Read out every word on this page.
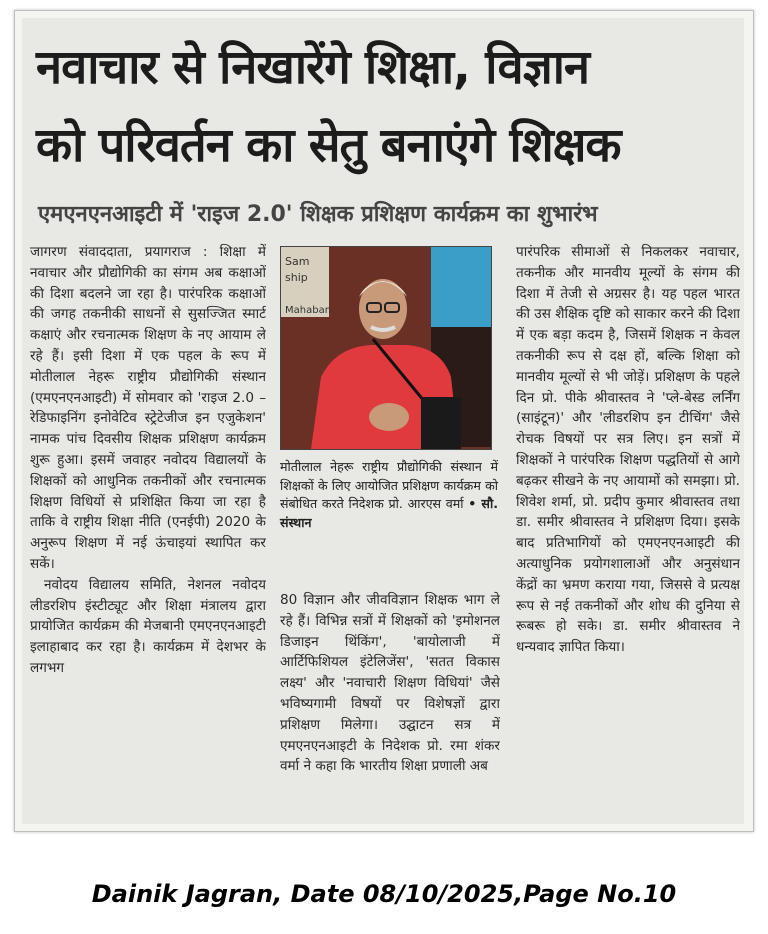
नवाचार से निखारेंगे शिक्षा, विज्ञान
को परिवर्तन का सेतु बनाएंगे शिक्षक
एमएनएनआइटी में 'राइज 2.0' शिक्षक प्रशिक्षण कार्यक्रम का शुभारंभ

जागरण संवाददाता, प्रयागराज : शिक्षा में नवाचार और प्रौद्योगिकी का संगम अब कक्षाओं की दिशा बदलने जा रहा है। पारंपरिक कक्षाओं की जगह तकनीकी साधनों से सुसज्जित स्मार्ट कक्षाएं और रचनात्मक शिक्षण के नए आयाम ले रहे हैं। इसी दिशा में एक पहल के रूप में मोतीलाल नेहरू राष्ट्रीय प्रौद्योगिकी संस्थान (एमएनएनआइटी) में सोमवार को 'राइज 2.0 – रेडिफाइनिंग इनोवेटिव स्ट्रेटेजीज इन एजुकेशन' नामक पांच दिवसीय शिक्षक प्रशिक्षण कार्यक्रम शुरू हुआ। इसमें जवाहर नवोदय विद्यालयों के शिक्षकों को आधुनिक तकनीकों और रचनात्मक शिक्षण विधियों से प्रशिक्षित किया जा रहा है ताकि वे राष्ट्रीय शिक्षा नीति (एनईपी) 2020 के अनुरूप शिक्षण में नई ऊंचाइयां स्थापित कर सकें।

नवोदय विद्यालय समिति, नेशनल नवोदय लीडरशिप इंस्टीट्यूट और शिक्षा मंत्रालय द्वारा प्रायोजित कार्यक्रम की मेजबानी एमएनएनआइटी इलाहाबाद कर रहा है। कार्यक्रम में देशभर के लगभग

Sam
ship
Mahaban
मोतीलाल नेहरू राष्ट्रीय प्रौद्योगिकी संस्थान में शिक्षकों के लिए आयोजित प्रशिक्षण कार्यक्रम को संबोधित करते निदेशक प्रो. आरएस वर्मा • सौ. संस्थान

80 विज्ञान और जीवविज्ञान शिक्षक भाग ले रहे हैं। विभिन्न सत्रों में शिक्षकों को 'इमोशनल डिजाइन थिंकिंग', 'बायोलाजी में आर्टिफिशियल इंटेलिजेंस', 'सतत विकास लक्ष्य' और 'नवाचारी शिक्षण विधियां' जैसे भविष्यगामी विषयों पर विशेषज्ञों द्वारा प्रशिक्षण मिलेगा। उद्घाटन सत्र में एमएनएनआइटी के निदेशक प्रो. रमा शंकर वर्मा ने कहा कि भारतीय शिक्षा प्रणाली अब

पारंपरिक सीमाओं से निकलकर नवाचार, तकनीक और मानवीय मूल्यों के संगम की दिशा में तेजी से अग्रसर है। यह पहल भारत की उस शैक्षिक दृष्टि को साकार करने की दिशा में एक बड़ा कदम है, जिसमें शिक्षक न केवल तकनीकी रूप से दक्ष हों, बल्कि शिक्षा को मानवीय मूल्यों से भी जोड़ें। प्रशिक्षण के पहले दिन प्रो. पीके श्रीवास्तव ने 'प्ले-बेस्ड लर्निंग (साइंटून)' और 'लीडरशिप इन टीचिंग' जैसे रोचक विषयों पर सत्र लिए। इन सत्रों में शिक्षकों ने पारंपरिक शिक्षण पद्धतियों से आगे बढ़कर सीखने के नए आयामों को समझा। प्रो. शिवेश शर्मा, प्रो. प्रदीप कुमार श्रीवास्तव तथा डा. समीर श्रीवास्तव ने प्रशिक्षण दिया। इसके बाद प्रतिभागियों को एमएनएनआइटी की अत्याधुनिक प्रयोगशालाओं और अनुसंधान केंद्रों का भ्रमण कराया गया, जिससे वे प्रत्यक्ष रूप से नई तकनीकों और शोध की दुनिया से रूबरू हो सके। डा. समीर श्रीवास्तव ने धन्यवाद ज्ञापित किया।

Dainik Jagran, Date 08/10/2025,Page No.10
